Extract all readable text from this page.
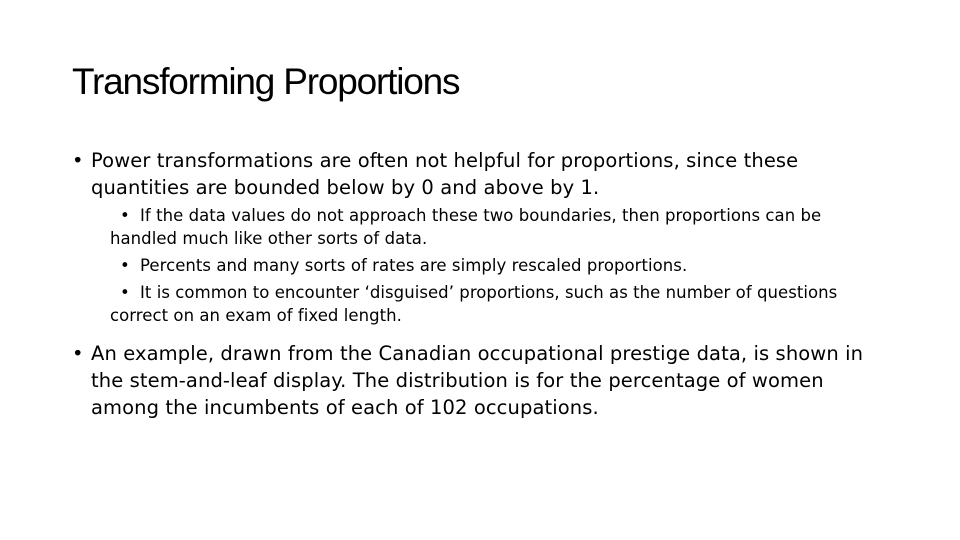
Transforming Proportions

• Power transformations are often not helpful for proportions, since these quantities are bounded below by 0 and above by 1.

• If the data values do not approach these two boundaries, then proportions can be handled much like other sorts of data.

• Percents and many sorts of rates are simply rescaled proportions.

• It is common to encounter ‘disguised’ proportions, such as the number of questions correct on an exam of fixed length.

• An example, drawn from the Canadian occupational prestige data, is shown in the stem-and-leaf display. The distribution is for the percentage of women among the incumbents of each of 102 occupations.
